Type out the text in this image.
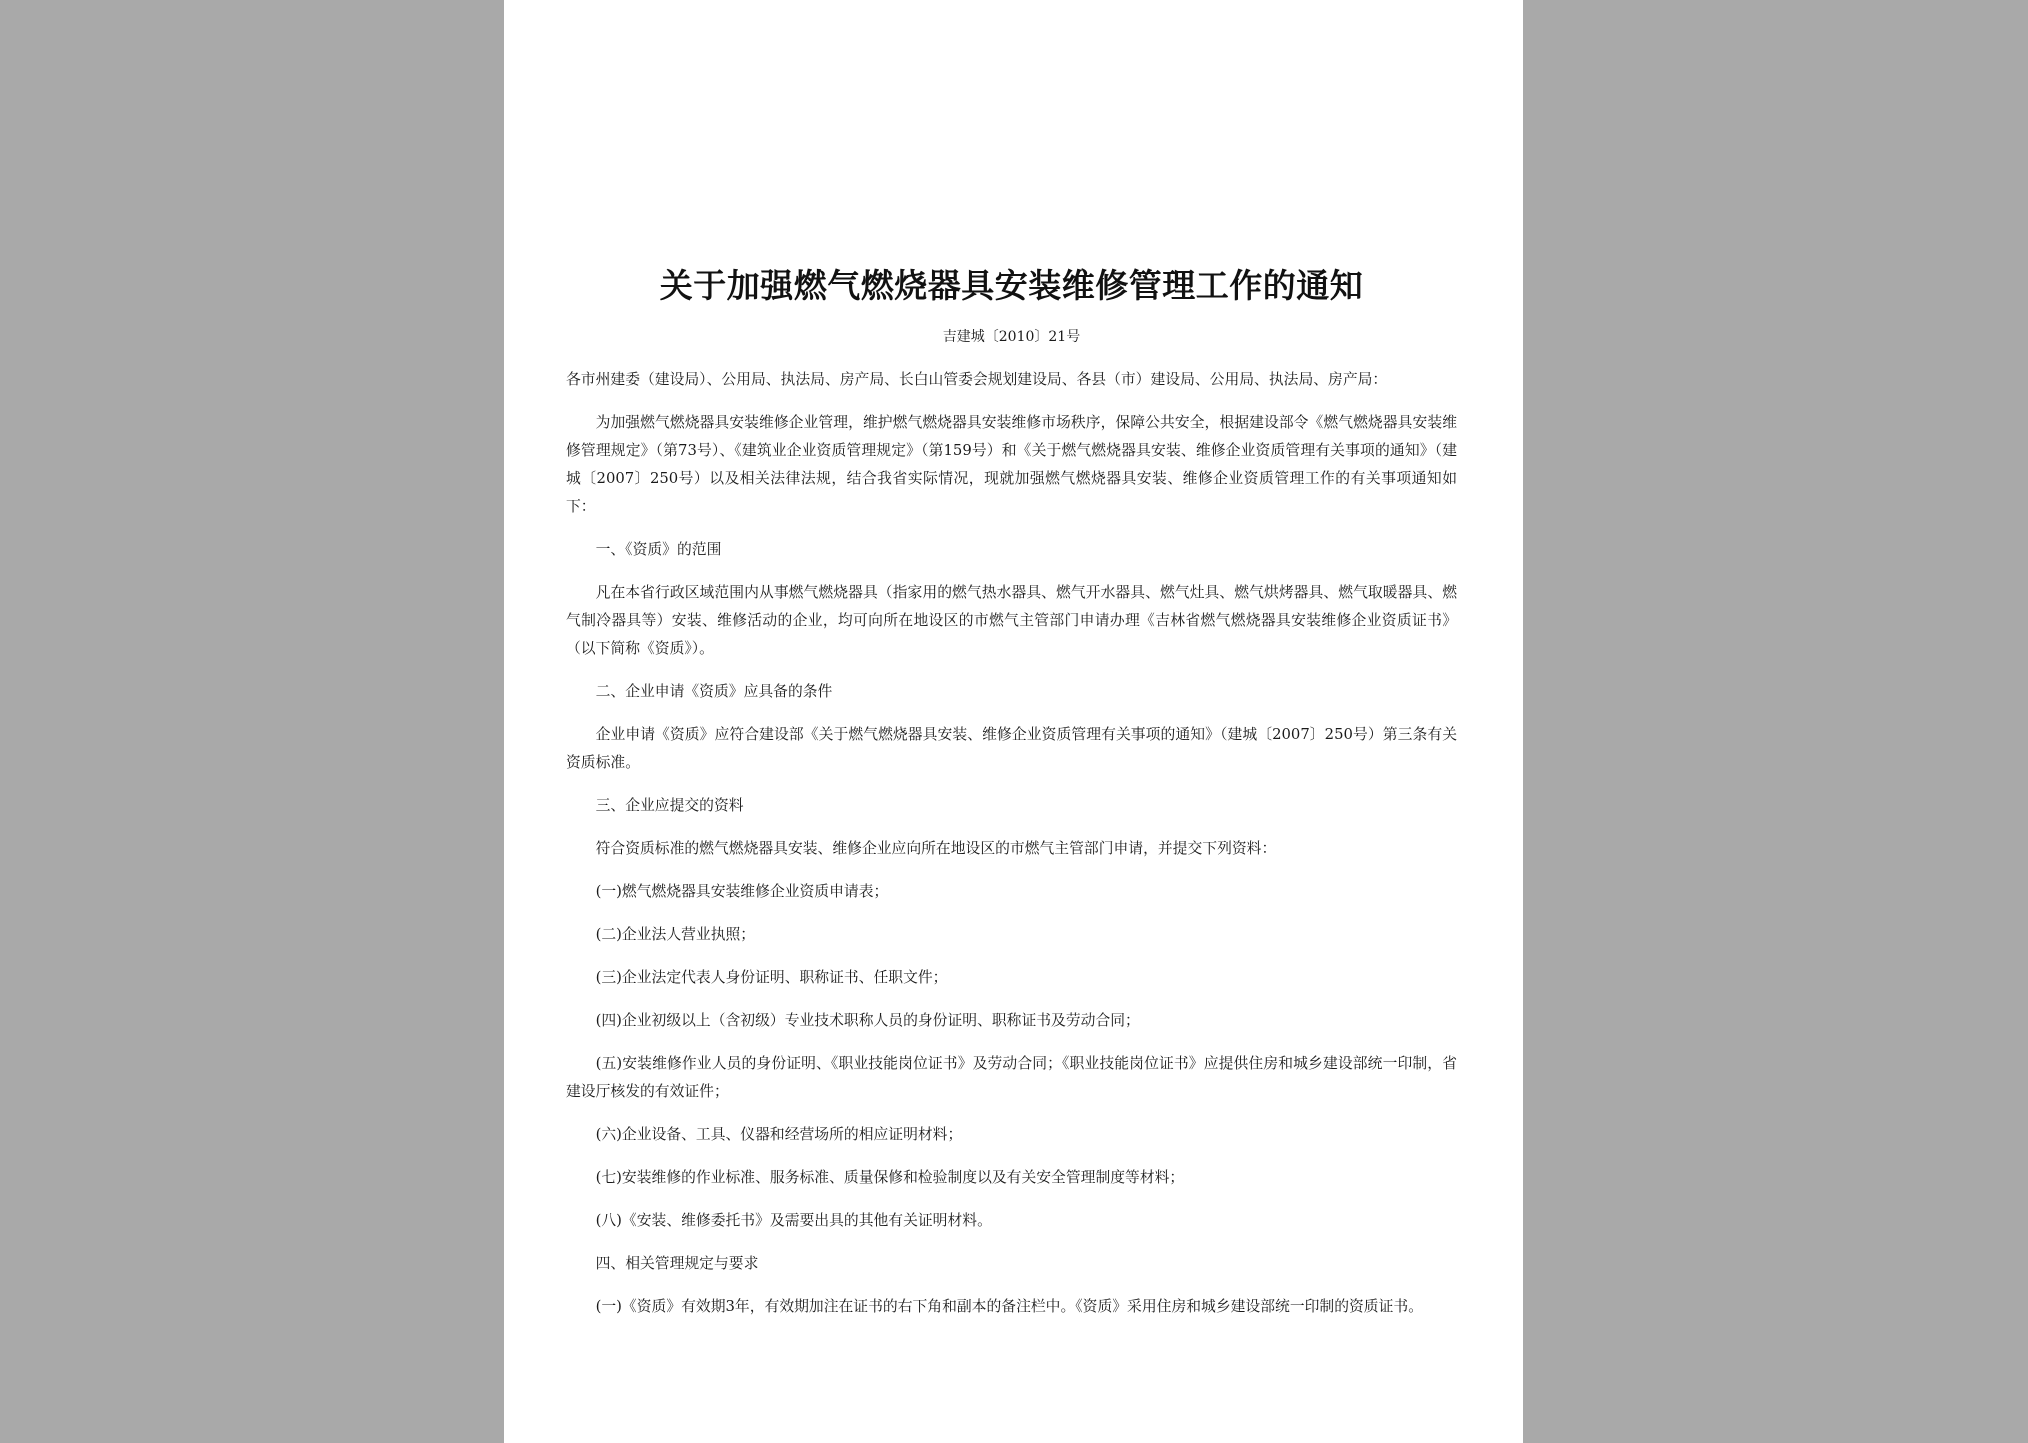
关于加强燃气燃烧器具安装维修管理工作的通知

吉建城〔2010〕21号

各市州建委（建设局）、公用局、执法局、房产局、长白山管委会规划建设局、各县（市）建设局、公用局、执法局、房产局：

为加强燃气燃烧器具安装维修企业管理，维护燃气燃烧器具安装维修市场秩序，保障公共安全，根据建设部令《燃气燃烧器具安装维修管理规定》（第73号）、《建筑业企业资质管理规定》（第159号）和《关于燃气燃烧器具安装、维修企业资质管理有关事项的通知》（建城〔2007〕250号）以及相关法律法规，结合我省实际情况，现就加强燃气燃烧器具安装、维修企业资质管理工作的有关事项通知如下：

一、《资质》的范围

凡在本省行政区域范围内从事燃气燃烧器具（指家用的燃气热水器具、燃气开水器具、燃气灶具、燃气烘烤器具、燃气取暖器具、燃气制冷器具等）安装、维修活动的企业，均可向所在地设区的市燃气主管部门申请办理《吉林省燃气燃烧器具安装维修企业资质证书》（以下简称《资质》）。

二、企业申请《资质》应具备的条件

企业申请《资质》应符合建设部《关于燃气燃烧器具安装、维修企业资质管理有关事项的通知》（建城〔2007〕250号）第三条有关资质标准。

三、企业应提交的资料

符合资质标准的燃气燃烧器具安装、维修企业应向所在地设区的市燃气主管部门申请，并提交下列资料：

(一)燃气燃烧器具安装维修企业资质申请表；

(二)企业法人营业执照；

(三)企业法定代表人身份证明、职称证书、任职文件；

(四)企业初级以上（含初级）专业技术职称人员的身份证明、职称证书及劳动合同；

(五)安装维修作业人员的身份证明、《职业技能岗位证书》及劳动合同；《职业技能岗位证书》应提供住房和城乡建设部统一印制，省建设厅核发的有效证件；

(六)企业设备、工具、仪器和经营场所的相应证明材料；

(七)安装维修的作业标准、服务标准、质量保修和检验制度以及有关安全管理制度等材料；

(八)《安装、维修委托书》及需要出具的其他有关证明材料。

四、相关管理规定与要求

(一)《资质》有效期3年，有效期加注在证书的右下角和副本的备注栏中。《资质》采用住房和城乡建设部统一印制的资质证书。
